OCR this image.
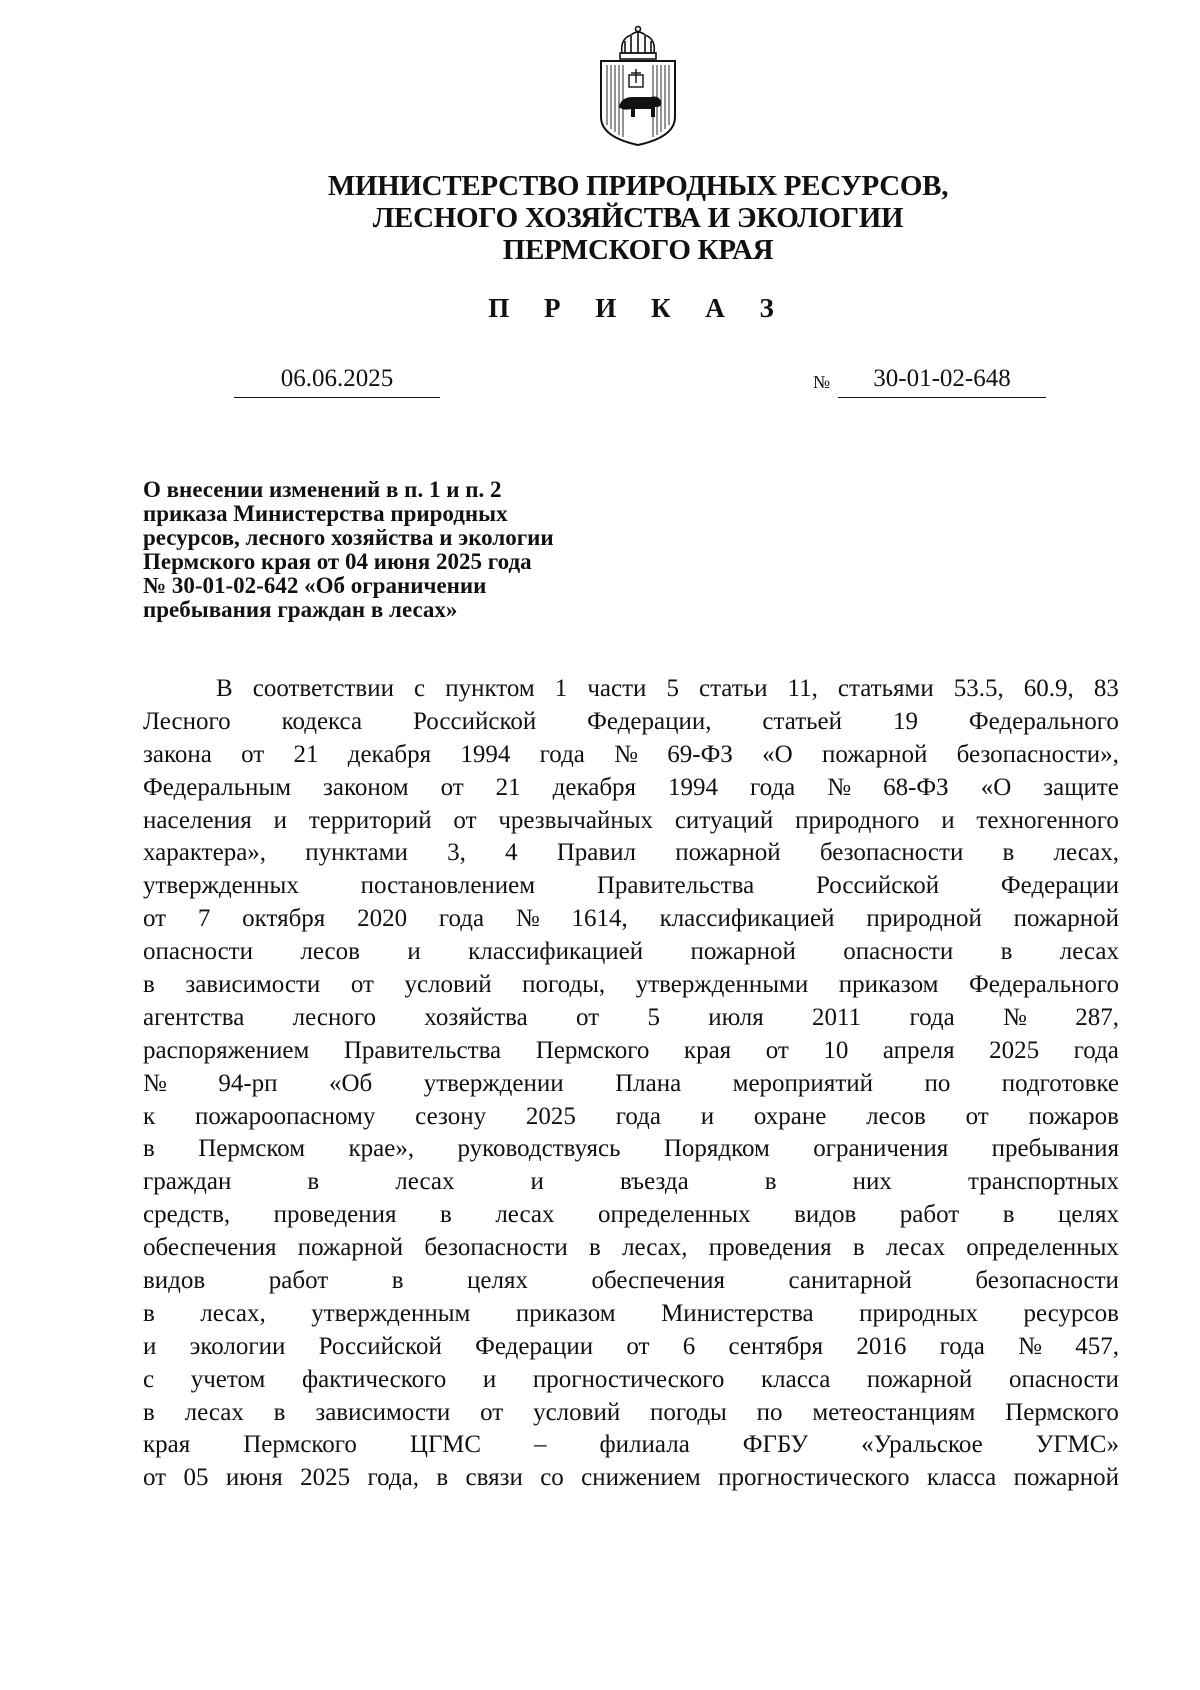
МИНИСТЕРСТВО ПРИРОДНЫХ РЕСУРСОВ,
ЛЕСНОГО ХОЗЯЙСТВА И ЭКОЛОГИИ
ПЕРМСКОГО КРАЯ
П Р И К А З
06.06.2025	№	30-01-02-648
О внесении изменений в п. 1 и п. 2
приказа Министерства природных
ресурсов, лесного хозяйства и экологии
Пермского края от 04 июня 2025 года
№ 30-01-02-642 «Об ограничении
пребывания граждан в лесах»
В соответствии с пунктом 1 части 5 статьи 11, статьями 53.5, 60.9, 83
Лесного кодекса Российской Федерации, статьей 19 Федерального
закона от 21 декабря 1994 года № 69-ФЗ «О пожарной безопасности»,
Федеральным законом от 21 декабря 1994 года № 68-ФЗ «О защите
населения и территорий от чрезвычайных ситуаций природного и техногенного
характера», пунктами 3, 4 Правил пожарной безопасности в лесах,
утвержденных постановлением Правительства Российской Федерации
от 7 октября 2020 года № 1614, классификацией природной пожарной
опасности лесов и классификацией пожарной опасности в лесах
в зависимости от условий погоды, утвержденными приказом Федерального
агентства лесного хозяйства от 5 июля 2011 года № 287,
распоряжением Правительства Пермского края от 10 апреля 2025 года
№ 94-рп «Об утверждении Плана мероприятий по подготовке
к пожароопасному сезону 2025 года и охране лесов от пожаров
в Пермском крае», руководствуясь Порядком ограничения пребывания
граждан	в	лесах	и	въезда	в	них	транспортных
средств, проведения в лесах определенных видов работ в целях
обеспечения пожарной безопасности в лесах, проведения в лесах определенных
видов	работ	в	целях	обеспечения	санитарной	безопасности
в лесах, утвержденным приказом Министерства природных ресурсов
и экологии Российской Федерации от 6 сентября 2016 года № 457,
с учетом фактического и прогностического класса пожарной опасности
в лесах в зависимости от условий погоды по метеостанциям Пермского
края Пермского ЦГМС – филиала ФГБУ «Уральское УГМС»
от 05 июня 2025 года, в связи со снижением прогностического класса пожарной
